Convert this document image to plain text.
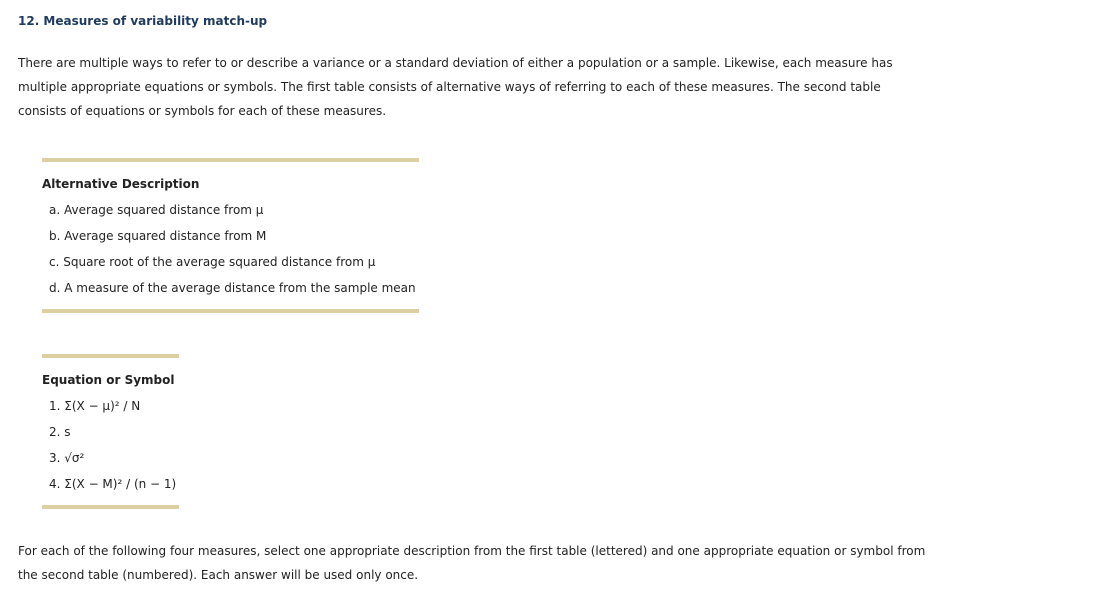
12. Measures of variability match-up

There are multiple ways to refer to or describe a variance or a standard deviation of either a population or a sample. Likewise, each measure has multiple appropriate equations or symbols. The first table consists of alternative ways of referring to each of these measures. The second table consists of equations or symbols for each of these measures.

Alternative Description
a. Average squared distance from μ
b. Average squared distance from M
c. Square root of the average squared distance from μ
d. A measure of the average distance from the sample mean
Equation or Symbol
1. Σ(X − μ)² / N
2. s
3. √σ²
4. Σ(X − M)² / (n − 1)

For each of the following four measures, select one appropriate description from the first table (lettered) and one appropriate equation or symbol from the second table (numbered). Each answer will be used only once.
